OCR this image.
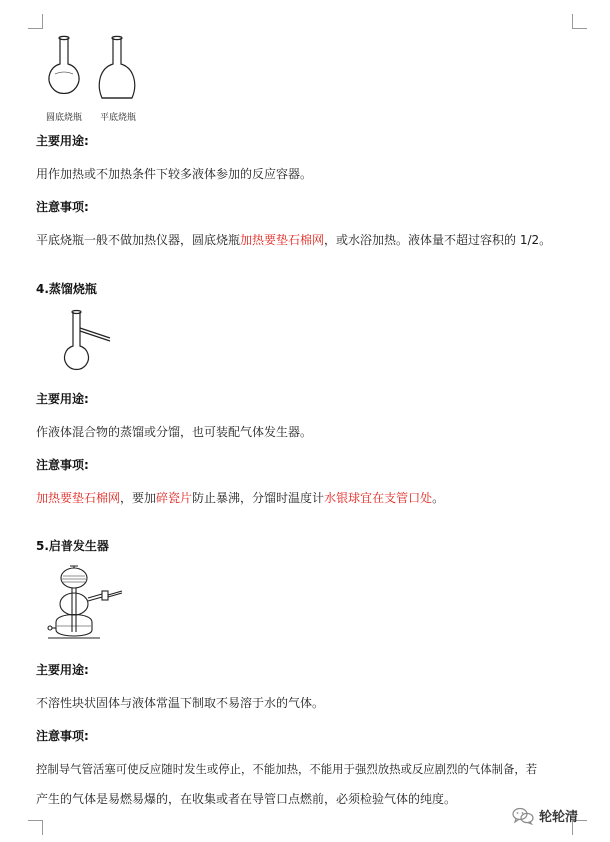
圆底烧瓶 平底烧瓶
主要用途:
用作加热或不加热条件下较多液体参加的反应容器。
注意事项:
平底烧瓶一般不做加热仪器，圆底烧瓶加热要垫石棉网，或水浴加热。液体量不超过容积的 1/2。
4.蒸馏烧瓶
主要用途:
作液体混合物的蒸馏或分馏，也可装配气体发生器。
注意事项:
加热要垫石棉网，要加碎瓷片防止暴沸，分馏时温度计水银球宜在支管口处。
5.启普发生器
主要用途:
不溶性块状固体与液体常温下制取不易溶于水的气体。
注意事项:
控制导气管活塞可使反应随时发生或停止，不能加热，不能用于强烈放热或反应剧烈的气体制备，若
产生的气体是易燃易爆的，在收集或者在导管口点燃前，必须检验气体的纯度。
轮轮清
